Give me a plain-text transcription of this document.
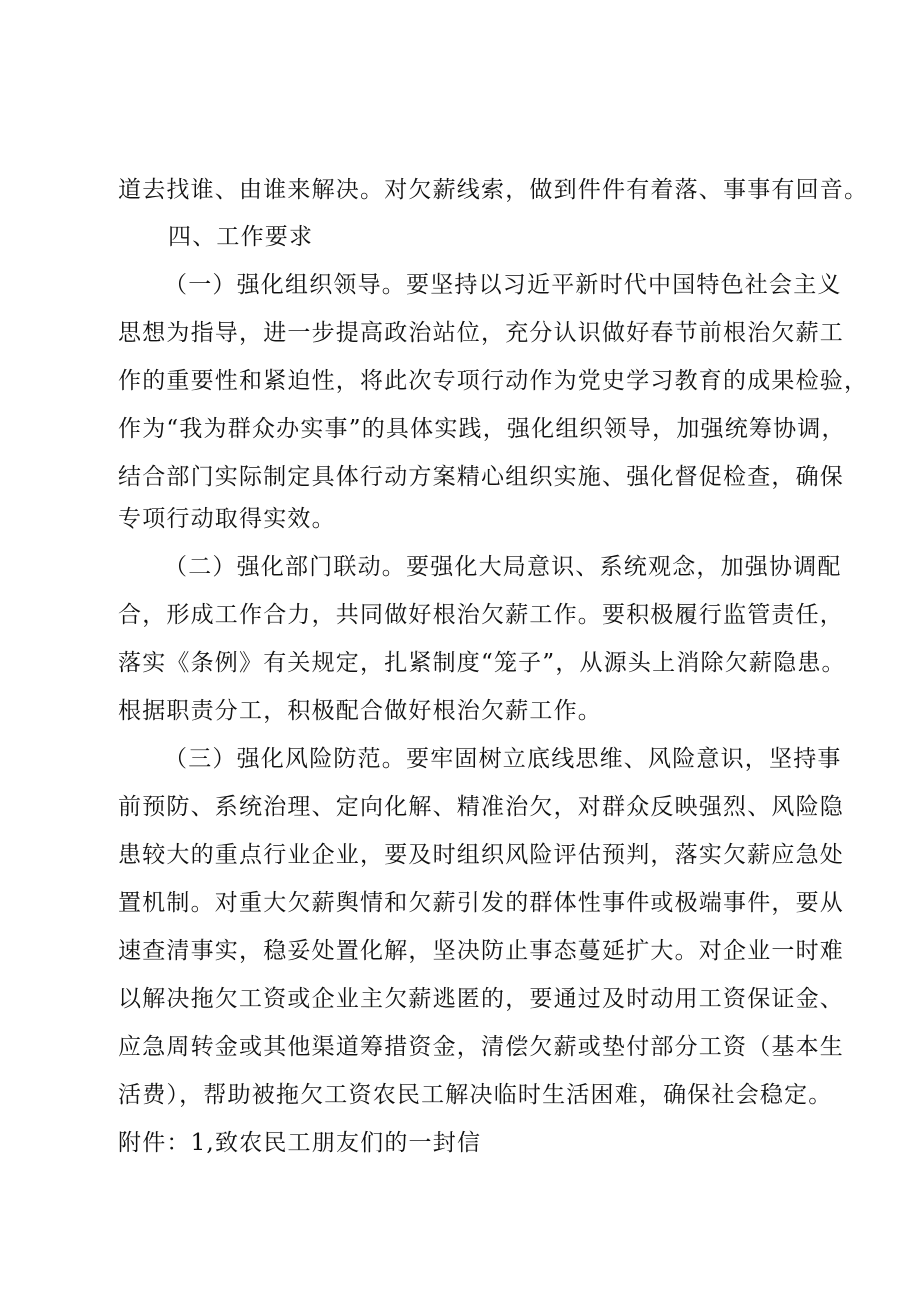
道去找谁、由谁来解决。对欠薪线索，做到件件有着落、事事有回音。
四、工作要求
（一）强化组织领导。要坚持以习近平新时代中国特色社会主义
思想为指导，进一步提高政治站位，充分认识做好春节前根治欠薪工
作的重要性和紧迫性，将此次专项行动作为党史学习教育的成果检验，
作为“我为群众办实事”的具体实践，强化组织领导，加强统筹协调，
结合部门实际制定具体行动方案精心组织实施、强化督促检查，确保
专项行动取得实效。
（二）强化部门联动。要强化大局意识、系统观念，加强协调配
合，形成工作合力，共同做好根治欠薪工作。要积极履行监管责任，
落实《条例》有关规定，扎紧制度“笼子”，从源头上消除欠薪隐患。
根据职责分工，积极配合做好根治欠薪工作。
（三）强化风险防范。要牢固树立底线思维、风险意识，坚持事
前预防、系统治理、定向化解、精准治欠，对群众反映强烈、风险隐
患较大的重点行业企业，要及时组织风险评估预判，落实欠薪应急处
置机制。对重大欠薪舆情和欠薪引发的群体性事件或极端事件，要从
速查清事实，稳妥处置化解，坚决防止事态蔓延扩大。对企业一时难
以解决拖欠工资或企业主欠薪逃匿的，要通过及时动用工资保证金、
应急周转金或其他渠道筹措资金，清偿欠薪或垫付部分工资（基本生
活费），帮助被拖欠工资农民工解决临时生活困难，确保社会稳定。
附件：1,致农民工朋友们的一封信
